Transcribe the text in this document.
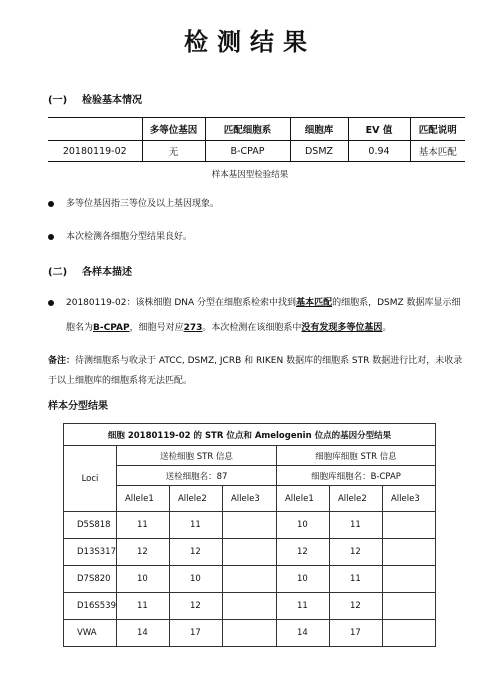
检测结果
(一) 检验基本情况
	多等位基因	匹配细胞系	细胞库	EV 值	匹配说明
20180119-02	无	B-CPAP	DSMZ	0.94	基本匹配
样本基因型检验结果
多等位基因指三等位及以上基因现象。
本次检测各细胞分型结果良好。
(二) 各样本描述
20180119-02：该株细胞 DNA 分型在细胞系检索中找到基本匹配的细胞系，DSMZ 数据库显示细胞名为B-CPAP，细胞号对应273。本次检测在该细胞系中没有发现多等位基因。
备注：待测细胞系与收录于 ATCC, DSMZ, JCRB 和 RIKEN 数据库的细胞系 STR 数据进行比对，未收录于以上细胞库的细胞系将无法匹配。
样本分型结果
细胞 20180119-02 的 STR 位点和 Amelogenin 位点的基因分型结果						
Loci	送检细胞 STR 信息			细胞库细胞 STR 信息		
	送检细胞名：87			细胞库细胞名：B-CPAP		
	Allele1	Allele2	Allele3	Allele1	Allele2	Allele3
D5S818	11	11		10	11	
D13S317	12	12		12	12	
D7S820	10	10		10	11	
D16S539	11	12		11	12	
VWA	14	17		14	17	
